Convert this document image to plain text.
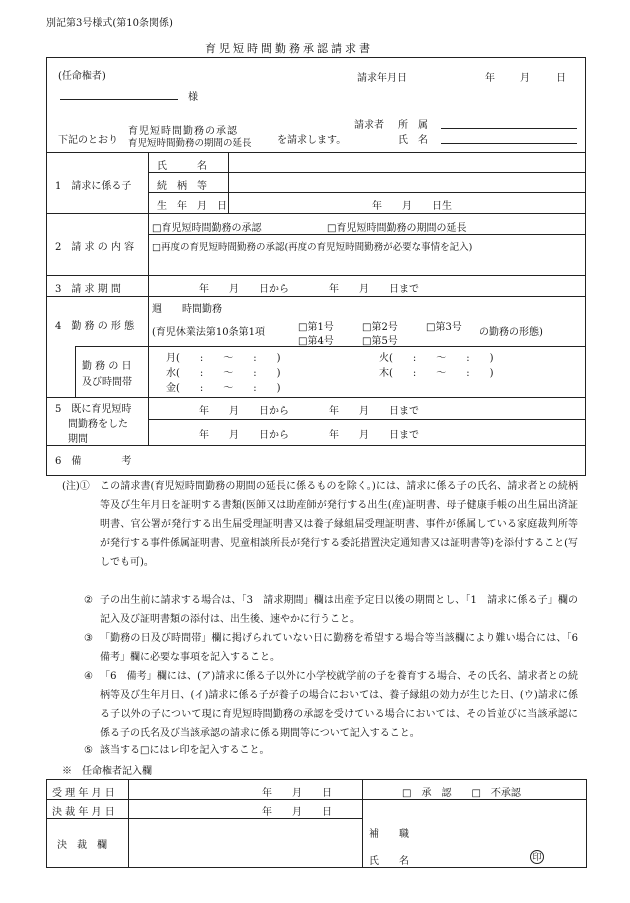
別記第3号様式(第10条関係)
育児短時間勤務承認請求書
(任命権者)	請求年月日	年	月	日
様
請求者 所　属
氏　名
下記のとおり
育児短時間勤務の承認
育児短時間勤務の期間の延長	を請求します。
1　請求に係る子
氏　　　名
続　柄　等
生　年　月　日	年　　月　　日生
2　請 求 の 内 容
□育児短時間勤務の承認	□育児短時間勤務の期間の延長
□再度の育児短時間勤務の承認(再度の育児短時間勤務が必要な事情を記入)
3　請 求 期 間	年　　月　　日から　　　　年　　月　　日まで
4　勤 務 の 形 態
週　　時間勤務
(育児休業法第10条第1項	□第1号	□第2号	□第3号
□第4号	□第5号
の勤務の形態)
勤 務 の 日
及び時間帯
月(　　:　　〜　　:　　)	火(　　:　　〜　　:　　)
水(　　:　　〜　　:　　)	木(　　:　　〜　　:　　)
金(　　:　　〜　　:　　)
5　既に育児短時
間勤務をした
期間
年　　月　　日から　　　　年　　月　　日まで
年　　月　　日から　　　　年　　月　　日まで
6　備　　　　考
(注)① この請求書(育児短時間勤務の期間の延長に係るものを除く。)には、請求に係る子の氏名、請求者との続柄等及び生年月日を証明する書類(医師又は助産師が発行する出生(産)証明書、母子健康手帳の出生届出済証明書、官公署が発行する出生届受理証明書又は養子縁組届受理証明書、事件が係属している家庭裁判所等が発行する事件係属証明書、児童相談所長が発行する委託措置決定通知書又は証明書等)を添付すること(写しでも可)。
② 子の出生前に請求する場合は、「3　請求期間」欄は出産予定日以後の期間とし、「1　請求に係る子」欄の記入及び証明書類の添付は、出生後、速やかに行うこと。
③ 「勤務の日及び時間帯」欄に掲げられていない日に勤務を希望する場合等当該欄により難い場合には、「6　備考」欄に必要な事項を記入すること。
④ 「6　備考」欄には、(ア)請求に係る子以外に小学校就学前の子を養育する場合、その氏名、請求者との続柄等及び生年月日、(イ)請求に係る子が養子の場合においては、養子縁組の効力が生じた日、(ウ)請求に係る子以外の子について現に育児短時間勤務の承認を受けている場合においては、その旨並びに当該承認に係る子の氏名及び当該承認の請求に係る期間等について記入すること。
⑤ 該当する□にはレ印を記入すること。
※　任命権者記入欄
受 理 年 月 日	年　　月　　日
決 裁 年 月 日	年　　月　　日
決　裁　欄
□　承　認　　□　不承認
補　　職
氏　　名	印
